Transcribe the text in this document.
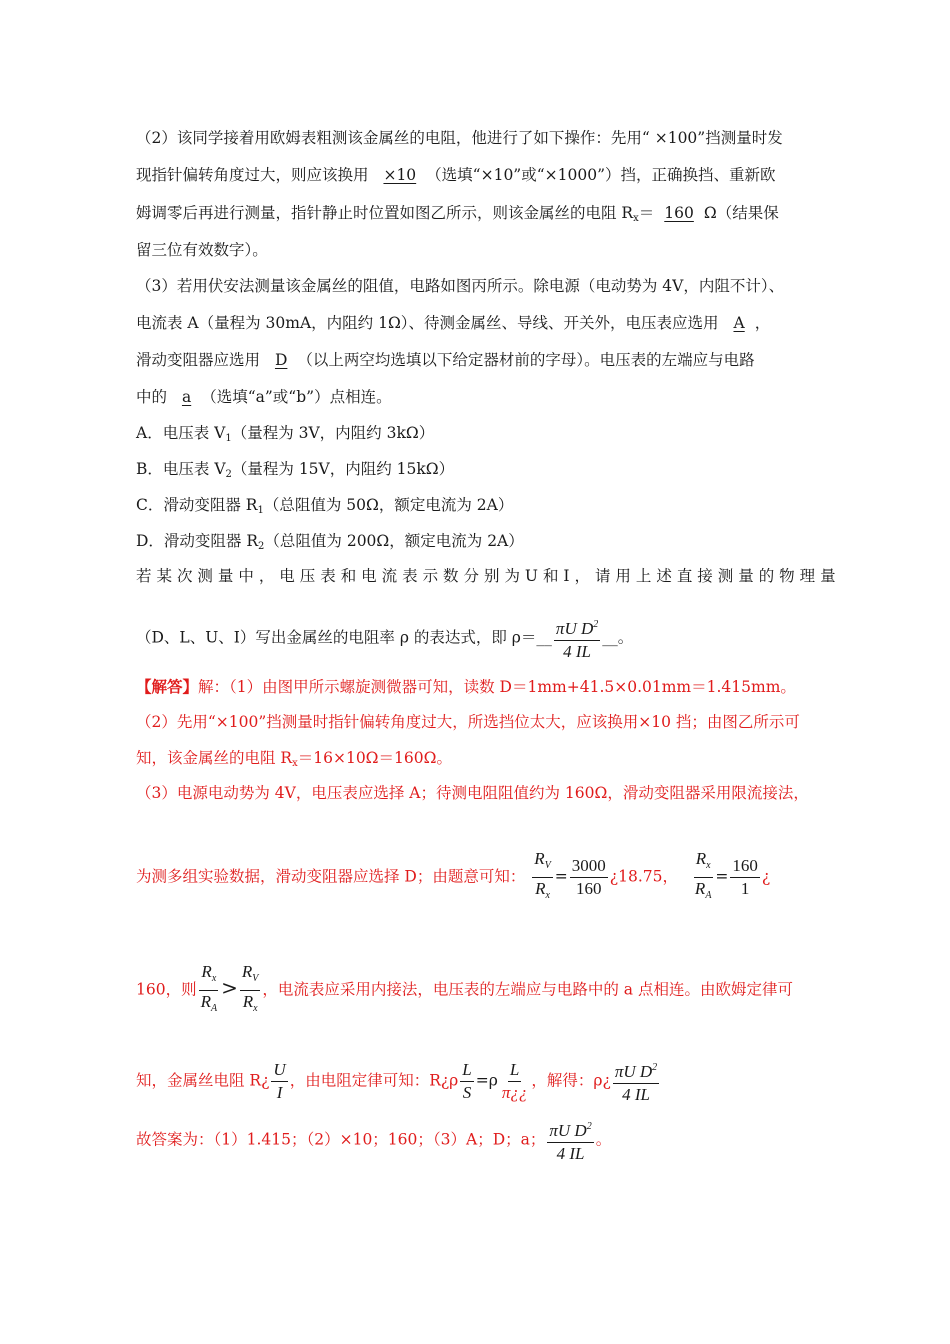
（2）该同学接着用欧姆表粗测该金属丝的电阻，他进行了如下操作：先用“ ×100”挡测量时发
现指针偏转角度过大，则应该换用 ×10 （选填“×10”或“×1000”）挡，正确换挡、重新欧
姆调零后再进行测量，指针静止时位置如图乙所示，则该金属丝的电阻 $R_x= 160$ Ω（结果保
留三位有效数字）。
（3）若用伏安法测量该金属丝的阻值，电路如图丙所示。除电源（电动势为 4V，内阻不计）、
电流表 A（量程为 30mA，内阻约 1Ω）、待测金属丝、导线、开关外，电压表应选用 A ，
滑动变阻器应选用 D （以上两空均选填以下给定器材前的字母）。电压表的左端应与电路
中的 a （选填“a”或“b”）点相连。
A．电压表 $V_1$（量程为 3V，内阻约 3kΩ）
B．电压表 $V_2$（量程为 15V，内阻约 15kΩ）
C．滑动变阻器 $R_1$（总阻值为 50Ω，额定电流为 2A）
D．滑动变阻器 $R_2$（总阻值为 200Ω，额定电流为 2A）
若 某 次 测 量 中 ， 电 压 表 和 电 流 表 示 数 分 别 为 U 和 I ， 请 用 上 述 直 接 测 量 的 物 理 量
（D、L、U、I）写出金属丝的电阻率 ρ 的表达式，即 ρ＝__ $\frac{\pi U D^2}{4 IL}$ __。
【解答】解：（1）由图甲所示螺旋测微器可知，读数 D＝1mm+41.5×0.01mm＝1.415mm。
（2）先用“×100”挡测量时指针偏转角度过大，所选挡位太大，应该换用×10 挡；由图乙所示可
知，该金属丝的电阻 $R_x=16\times 10\Omega=160\Omega$。
（3）电源电动势为 4V，电压表应选择 A；待测电阻阻值约为 160Ω，滑动变阻器采用限流接法，
为测多组实验数据，滑动变阻器应选择 D；由题意可知： $\frac{R_V}{R_x} = \frac{3000}{160}$ ¿18.75， $\frac{R_x}{R_A} = \frac{160}{1}$ ¿
160，则 $\frac{R_x}{R_A} > \frac{R_V}{R_x}$ ，电流表应采用内接法，电压表的左端应与电路中的 a 点相连。由欧姆定律可
知，金属丝电阻 R¿ $\frac{U}{I}$ ，由电阻定律可知：R¿ρ $\frac{L}{S} =\rho \frac{L}{\pi¿¿}$ ，解得：ρ¿ $\frac{\pi U D^2}{4 IL}$
故答案为：（1）1.415；（2）×10；160；（3）A；D；a； $\frac{\pi U D^2}{4 IL}$ 。
